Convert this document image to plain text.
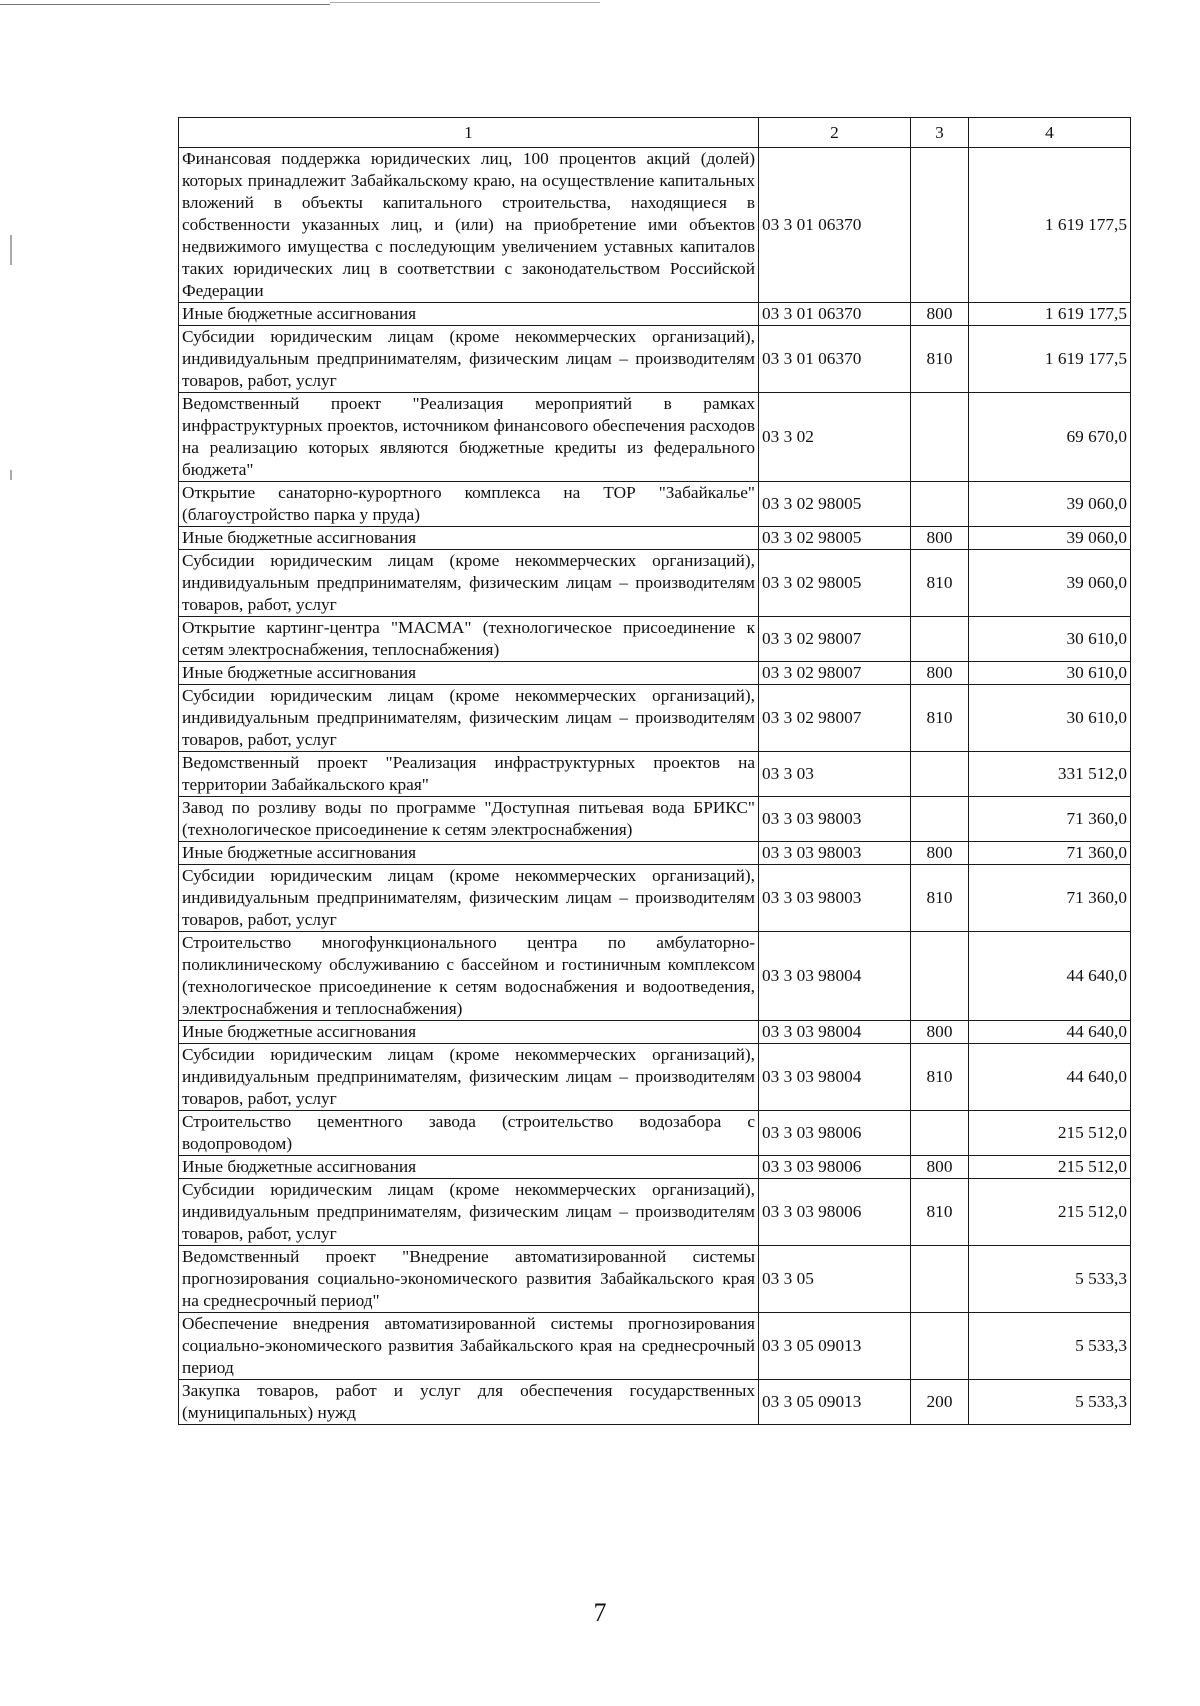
1	2	3	4
Финансовая поддержка юридических лиц, 100 процентов акций (долей) которых принадлежит Забайкальскому краю, на осуществление капитальных вложений в объекты капитального строительства, находящиеся в собственности указанных лиц, и (или) на приобретение ими объектов недвижимого имущества с последующим увеличением уставных капиталов таких юридических лиц в соответствии с законодательством Российской Федерации	03 3 01 06370		1 619 177,5
Иные бюджетные ассигнования	03 3 01 06370	800	1 619 177,5
Субсидии юридическим лицам (кроме некоммерческих организаций), индивидуальным предпринимателям, физическим лицам – производителям товаров, работ, услуг	03 3 01 06370	810	1 619 177,5
Ведомственный проект "Реализация мероприятий в рамках инфраструктурных проектов, источником финансового обеспечения расходов на реализацию которых являются бюджетные кредиты из федерального бюджета"	03 3 02		69 670,0
Открытие санаторно-курортного комплекса на ТОР "Забайкалье" (благоустройство парка у пруда)	03 3 02 98005		39 060,0
Иные бюджетные ассигнования	03 3 02 98005	800	39 060,0
Субсидии юридическим лицам (кроме некоммерческих организаций), индивидуальным предпринимателям, физическим лицам – производителям товаров, работ, услуг	03 3 02 98005	810	39 060,0
Открытие картинг-центра "МАСМА" (технологическое присоединение к сетям электроснабжения, теплоснабжения)	03 3 02 98007		30 610,0
Иные бюджетные ассигнования	03 3 02 98007	800	30 610,0
Субсидии юридическим лицам (кроме некоммерческих организаций), индивидуальным предпринимателям, физическим лицам – производителям товаров, работ, услуг	03 3 02 98007	810	30 610,0
Ведомственный проект "Реализация инфраструктурных проектов на территории Забайкальского края"	03 3 03		331 512,0
Завод по розливу воды по программе "Доступная питьевая вода БРИКС" (технологическое присоединение к сетям электроснабжения)	03 3 03 98003		71 360,0
Иные бюджетные ассигнования	03 3 03 98003	800	71 360,0
Субсидии юридическим лицам (кроме некоммерческих организаций), индивидуальным предпринимателям, физическим лицам – производителям товаров, работ, услуг	03 3 03 98003	810	71 360,0
Строительство многофункционального центра по амбулаторно-поликлиническому обслуживанию с бассейном и гостиничным комплексом (технологическое присоединение к сетям водоснабжения и водоотведения, электроснабжения и теплоснабжения)	03 3 03 98004		44 640,0
Иные бюджетные ассигнования	03 3 03 98004	800	44 640,0
Субсидии юридическим лицам (кроме некоммерческих организаций), индивидуальным предпринимателям, физическим лицам – производителям товаров, работ, услуг	03 3 03 98004	810	44 640,0
Строительство цементного завода (строительство водозабора с водопроводом)	03 3 03 98006		215 512,0
Иные бюджетные ассигнования	03 3 03 98006	800	215 512,0
Субсидии юридическим лицам (кроме некоммерческих организаций), индивидуальным предпринимателям, физическим лицам – производителям товаров, работ, услуг	03 3 03 98006	810	215 512,0
Ведомственный проект "Внедрение автоматизированной системы прогнозирования социально-экономического развития Забайкальского края на среднесрочный период"	03 3 05		5 533,3
Обеспечение внедрения автоматизированной системы прогнозирования социально-экономического развития Забайкальского края на среднесрочный период	03 3 05 09013		5 533,3
Закупка товаров, работ и услуг для обеспечения государственных (муниципальных) нужд	03 3 05 09013	200	5 533,3
7
